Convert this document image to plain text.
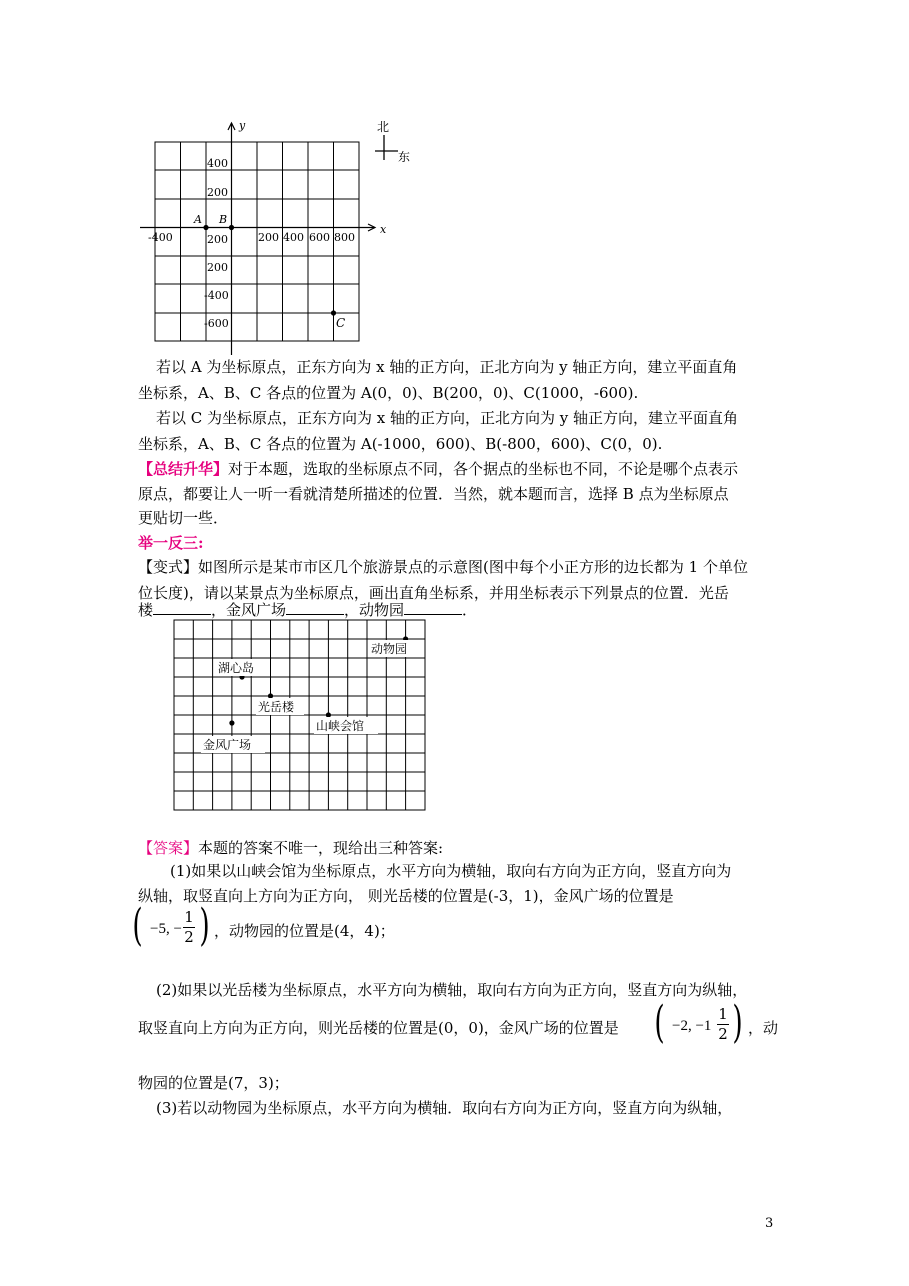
y
x
400
200
200
200
-400
-600
-400	200 400 600 800
A B
C
北
东
若以 A 为坐标原点，正东方向为 x 轴的正方向，正北方向为 y 轴正方向，建立平面直角
坐标系，A、B、C 各点的位置为 A(0，0)、B(200，0)、C(1000，-600).
若以 C 为坐标原点，正东方向为 x 轴的正方向，正北方向为 y 轴正方向，建立平面直角
坐标系，A、B、C 各点的位置为 A(-1000，600)、B(-800，600)、C(0，0).
【总结升华】对于本题，选取的坐标原点不同，各个据点的坐标也不同，不论是哪个点表示
原点，都要让人一听一看就清楚所描述的位置．当然，就本题而言，选择 B 点为坐标原点
更贴切一些．
举一反三:
【变式】如图所示是某市市区几个旅游景点的示意图(图中每个小正方形的边长都为 1 个单位
位长度)，请以某景点为坐标原点，画出直角坐标系，并用坐标表示下列景点的位置．光岳
楼	，金风广场	，动物园	．
动物园
湖心岛
光岳楼
山峡会馆
金风广场
【答案】本题的答案不唯一，现给出三种答案:
(1)如果以山峡会馆为坐标原点，水平方向为横轴，取向右方向为正方向，竖直方向为
纵轴，取竖直向上方向为正方向， 则光岳楼的位置是(-3，1)，金风广场的位置是
( −5, −
1
2 ) ，动物园的位置是(4，4)；
(2)如果以光岳楼为坐标原点，水平方向为横轴，取向右方向为正方向，竖直方向为纵轴，
取竖直向上方向为正方向，则光岳楼的位置是(0，0)，金风广场的位置是 ( −2, −1
1
2 ) ，动
物园的位置是(7，3)；
(3)若以动物园为坐标原点，水平方向为横轴．取向右方向为正方向，竖直方向为纵轴，
3
